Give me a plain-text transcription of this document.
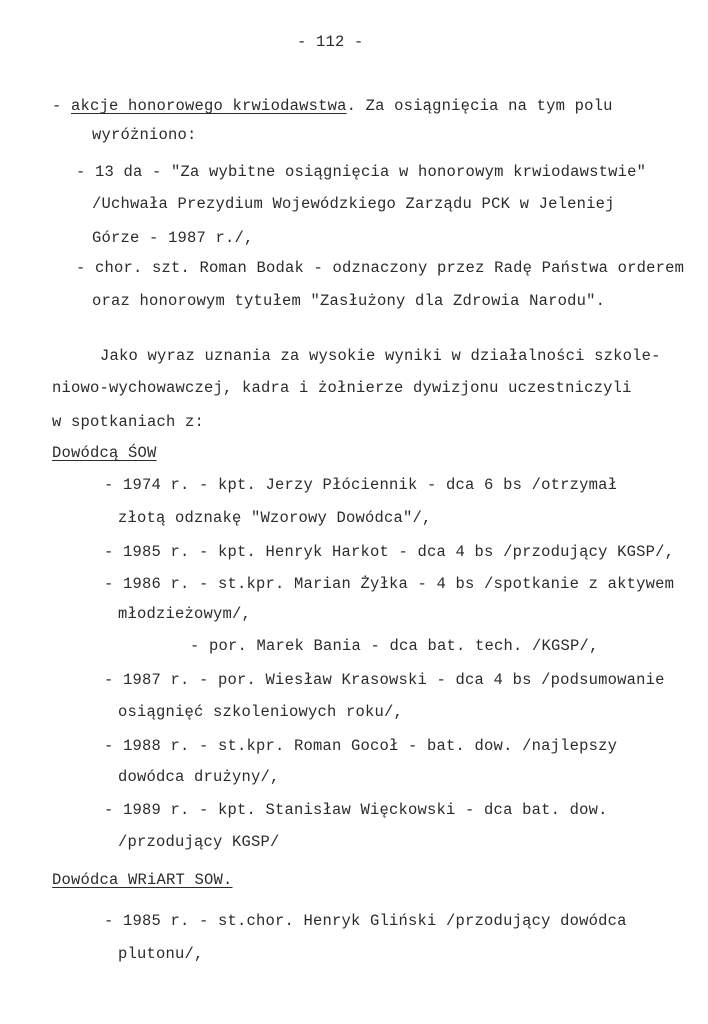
- 112 -
- akcje honorowego krwiodawstwa. Za osiągnięcia na tym polu
wyróżniono:
- 13 da - "Za wybitne osiągnięcia w honorowym krwiodawstwie"
/Uchwała Prezydium Wojewódzkiego Zarządu PCK w Jeleniej
Górze - 1987 r./,
- chor. szt. Roman Bodak - odznaczony przez Radę Państwa orderem
oraz honorowym tytułem "Zasłużony dla Zdrowia Narodu".
Jako wyraz uznania za wysokie wyniki w działalności szkole-
niowo-wychowawczej, kadra i żołnierze dywizjonu uczestniczyli
w spotkaniach z:
Dowódcą ŚOW
- 1974 r. - kpt. Jerzy Płóciennik - dca 6 bs /otrzymał
złotą odznakę "Wzorowy Dowódca"/,
- 1985 r. - kpt. Henryk Harkot - dca 4 bs /przodujący KGSP/,
- 1986 r. - st.kpr. Marian Żyłka - 4 bs /spotkanie z aktywem
młodzieżowym/,
- por. Marek Bania - dca bat. tech. /KGSP/,
- 1987 r. - por. Wiesław Krasowski - dca 4 bs /podsumowanie
osiągnięć szkoleniowych roku/,
- 1988 r. - st.kpr. Roman Gocoł - bat. dow. /najlepszy
dowódca drużyny/,
- 1989 r. - kpt. Stanisław Więckowski - dca bat. dow.
/przodujący KGSP/
Dowódca WRiART SOW.
- 1985 r. - st.chor. Henryk Gliński /przodujący dowódca
plutonu/,
